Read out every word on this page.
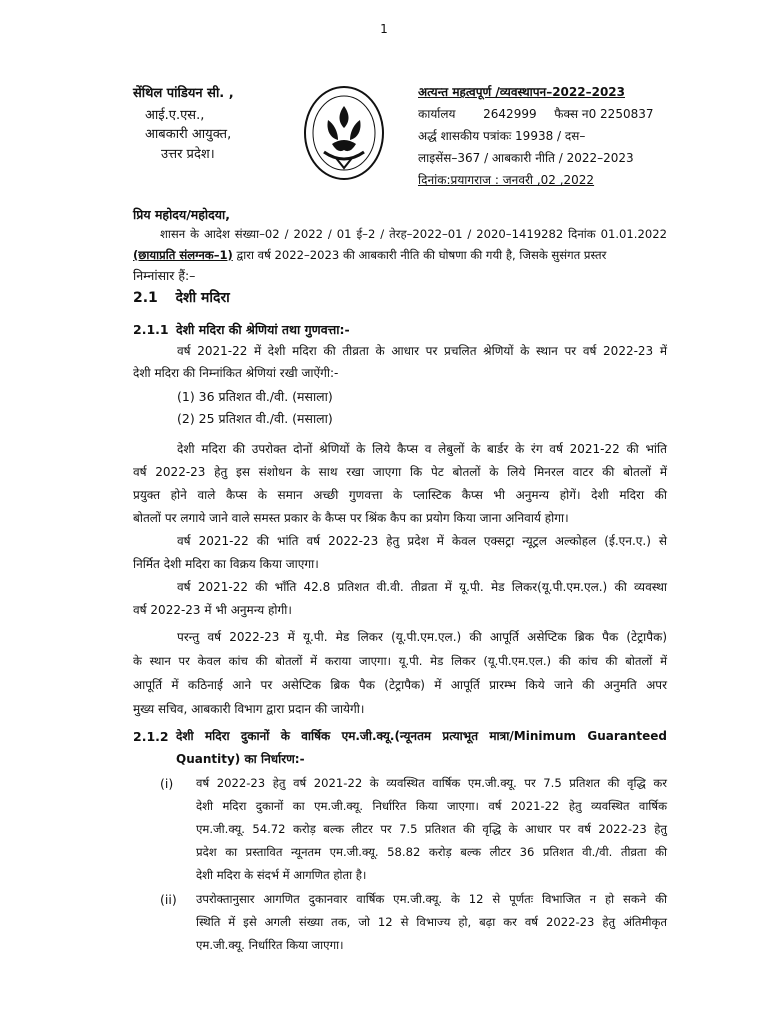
1
सेंथिल पांडियन सी. ,
आई.ए.एस.,
आबकारी आयुक्त,
उत्तर प्रदेश।
अत्यन्त महत्वपूर्ण /व्यवस्थापन–2022–2023
कार्यालय 2642999 फैक्स न0 2250837
अर्द्ध शासकीय पत्रांकः 19938 / दस–
लाइसेंस–367 / आबकारी नीति / 2022–2023
दिनांक:प्रयागराज : जनवरी ,02 ,2022
प्रिय महोदय/महोदया,
शासन के आदेश संख्या–02 / 2022 / 01 ई–2 / तेरह–2022–01 / 2020–1419282 दिनांक 01.01.2022
(छायाप्रति संलग्नक–1) द्वारा वर्ष 2022–2023 की आबकारी नीति की घोषणा की गयी है, जिसके सुसंगत प्रस्तर
निम्नांसार हैं:–
2.1 देशी मदिरा
2.1.1 देशी मदिरा की श्रेणियां तथा गुणवत्ता:-
वर्ष 2021-22 में देशी मदिरा की तीव्रता के आधार पर प्रचलित श्रेणियों के स्थान पर वर्ष 2022-23 में
देशी मदिरा की निम्नांकित श्रेणियां रखी जाऐंगी:-
(1) 36 प्रतिशत वी./वी. (मसाला)
(2) 25 प्रतिशत वी./वी. (मसाला)
देशी मदिरा की उपरोक्त दोनों श्रेणियों के लिये कैप्स व लेबुलों के बार्डर के रंग वर्ष 2021-22 की भांति
वर्ष 2022-23 हेतु इस संशोधन के साथ रखा जाएगा कि पेट बोतलों के लिये मिनरल वाटर की बोतलों में
प्रयुक्त होने वाले कैप्स के समान अच्छी गुणवत्ता के प्लास्टिक कैप्स भी अनुमन्य होगें। देशी मदिरा की
बोतलों पर लगाये जाने वाले समस्त प्रकार के कैप्स पर श्रिंक कैप का प्रयोग किया जाना अनिवार्य होगा।
वर्ष 2021-22 की भांति वर्ष 2022-23 हेतु प्रदेश में केवल एक्सट्रा न्यूट्रल अल्कोहल (ई.एन.ए.) से
निर्मित देशी मदिरा का विक्रय किया जाएगा।
वर्ष 2021-22 की भाँति 42.8 प्रतिशत वी.वी. तीव्रता में यू.पी. मेड लिकर(यू.पी.एम.एल.) की व्यवस्था
वर्ष 2022-23 में भी अनुमन्य होगी।
परन्तु वर्ष 2022-23 में यू.पी. मेड लिकर (यू.पी.एम.एल.) की आपूर्ति असेप्टिक ब्रिक पैक (टेट्रापैक)
के स्थान पर केवल कांच की बोतलों में कराया जाएगा। यू.पी. मेड लिकर (यू.पी.एम.एल.) की कांच की बोतलों में
आपूर्ति में कठिनाई आने पर असेप्टिक ब्रिक पैक (टेट्रापैक) में आपूर्ति प्रारम्भ किये जाने की अनुमति अपर
मुख्य सचिव, आबकारी विभाग द्वारा प्रदान की जायेगी।
2.1.2 देशी मदिरा दुकानों के वार्षिक एम.जी.क्यू.(न्यूनतम प्रत्याभूत मात्रा/Minimum Guaranteed
Quantity) का निर्धारण:-
(i) वर्ष 2022-23 हेतु वर्ष 2021-22 के व्यवस्थित वार्षिक एम.जी.क्यू. पर 7.5 प्रतिशत की वृद्धि कर
देशी मदिरा दुकानों का एम.जी.क्यू. निर्धारित किया जाएगा। वर्ष 2021-22 हेतु व्यवस्थित वार्षिक
एम.जी.क्यू. 54.72 करोड़ बल्क लीटर पर 7.5 प्रतिशत की वृद्धि के आधार पर वर्ष 2022-23 हेतु
प्रदेश का प्रस्तावित न्यूनतम एम.जी.क्यू. 58.82 करोड़ बल्क लीटर 36 प्रतिशत वी./वी. तीव्रता की
देशी मदिरा के संदर्भ में आगणित होता है।
(ii) उपरोक्तानुसार आगणित दुकानवार वार्षिक एम.जी.क्यू. के 12 से पूर्णतः विभाजित न हो सकने की
स्थिति में इसे अगली संख्या तक, जो 12 से विभाज्य हो, बढ़ा कर वर्ष 2022-23 हेतु अंतिमीकृत
एम.जी.क्यू. निर्धारित किया जाएगा।
